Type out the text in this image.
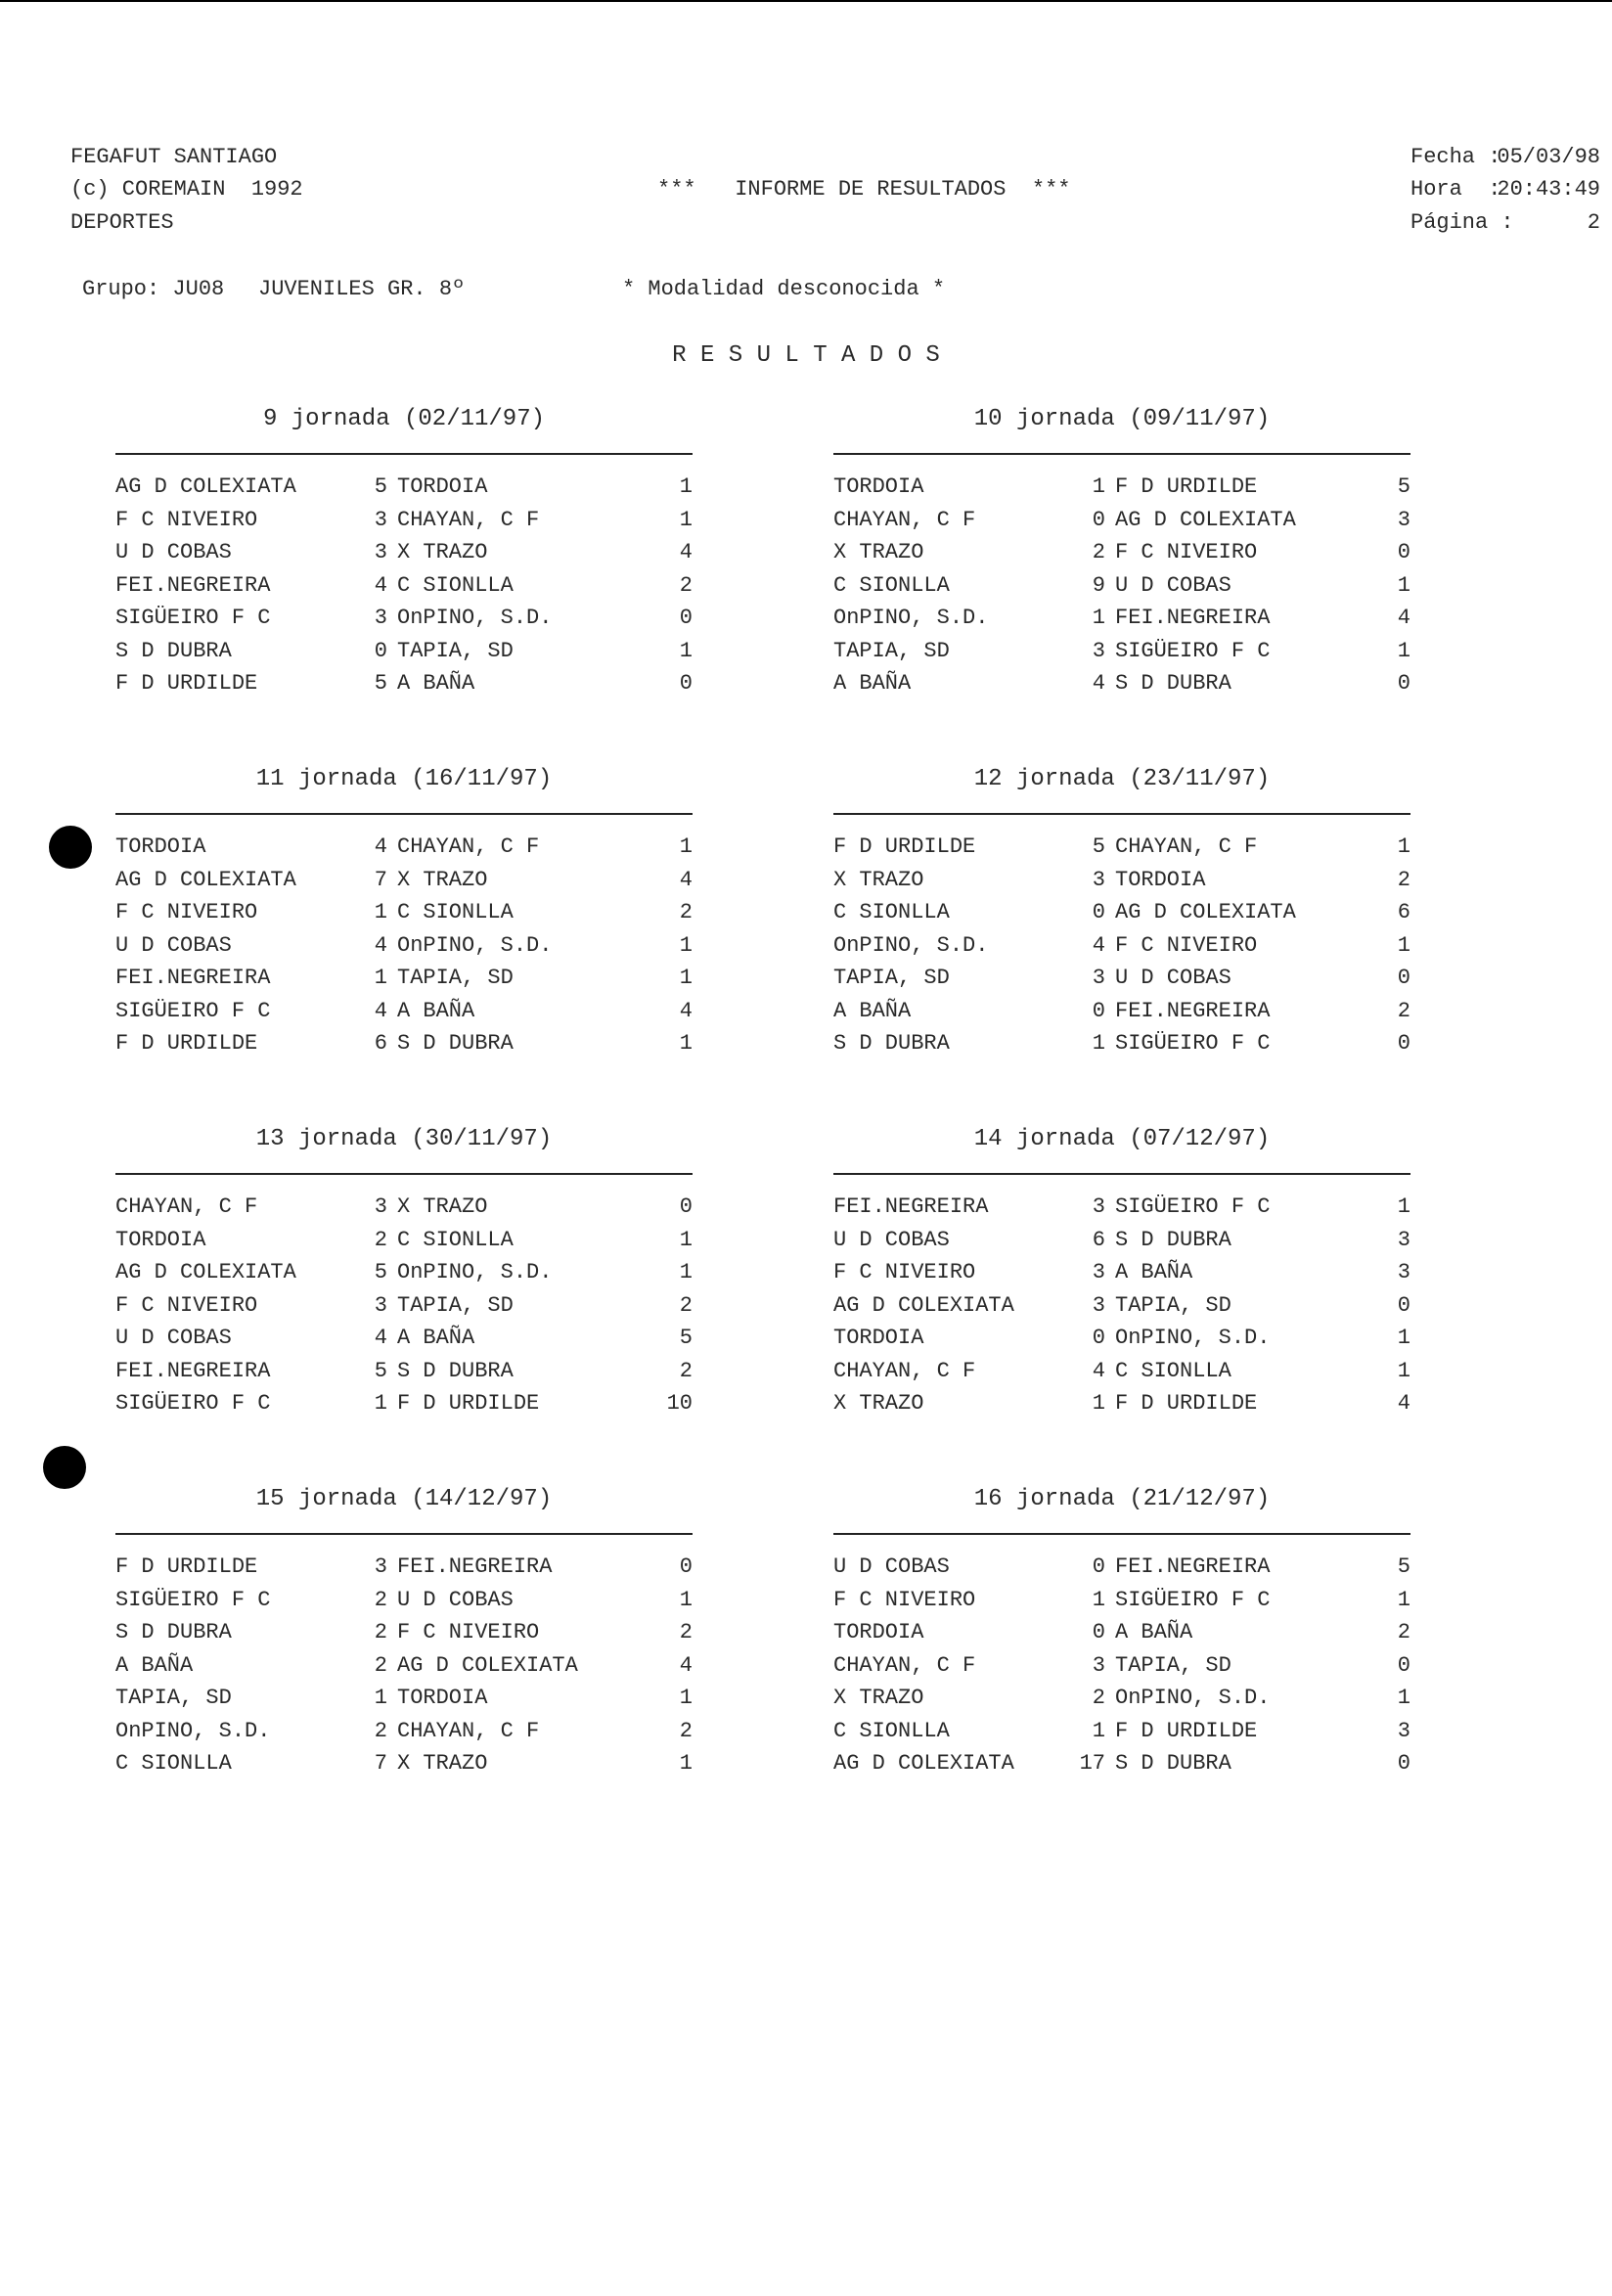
FEGAFUT SANTIAGO
(c) COREMAIN  1992
DEPORTES
***   INFORME DE RESULTADOS  ***
Fecha :
05/03/98
Hora  :
20:43:49
Página :	2
Grupo: JU08 JUVENILES GR. 8º	* Modalidad desconocida *
R E S U L T A D O S
9 jornada (02/11/97)
AG D COLEXIATA	5 TORDOIA	1
F C NIVEIRO	3 CHAYAN, C F	1
U D COBAS	3 X TRAZO	4
FEI.NEGREIRA	4 C SIONLLA	2
SIGÜEIRO F C	3 OnPINO, S.D.	0
S D DUBRA	0 TAPIA, SD	1
F D URDILDE	5 A BAÑA	0
10 jornada (09/11/97)
TORDOIA	1 F D URDILDE	5
CHAYAN, C F	0 AG D COLEXIATA	3
X TRAZO	2 F C NIVEIRO	0
C SIONLLA	9 U D COBAS	1
OnPINO, S.D.	1 FEI.NEGREIRA	4
TAPIA, SD	3 SIGÜEIRO F C	1
A BAÑA	4 S D DUBRA	0
11 jornada (16/11/97)
TORDOIA	4 CHAYAN, C F	1
AG D COLEXIATA	7 X TRAZO	4
F C NIVEIRO	1 C SIONLLA	2
U D COBAS	4 OnPINO, S.D.	1
FEI.NEGREIRA	1 TAPIA, SD	1
SIGÜEIRO F C	4 A BAÑA	4
F D URDILDE	6 S D DUBRA	1
12 jornada (23/11/97)
F D URDILDE	5 CHAYAN, C F	1
X TRAZO	3 TORDOIA	2
C SIONLLA	0 AG D COLEXIATA	6
OnPINO, S.D.	4 F C NIVEIRO	1
TAPIA, SD	3 U D COBAS	0
A BAÑA	0 FEI.NEGREIRA	2
S D DUBRA	1 SIGÜEIRO F C	0
13 jornada (30/11/97)
CHAYAN, C F	3 X TRAZO	0
TORDOIA	2 C SIONLLA	1
AG D COLEXIATA	5 OnPINO, S.D.	1
F C NIVEIRO	3 TAPIA, SD	2
U D COBAS	4 A BAÑA	5
FEI.NEGREIRA	5 S D DUBRA	2
SIGÜEIRO F C	1 F D URDILDE	10
14 jornada (07/12/97)
FEI.NEGREIRA	3 SIGÜEIRO F C	1
U D COBAS	6 S D DUBRA	3
F C NIVEIRO	3 A BAÑA	3
AG D COLEXIATA	3 TAPIA, SD	0
TORDOIA	0 OnPINO, S.D.	1
CHAYAN, C F	4 C SIONLLA	1
X TRAZO	1 F D URDILDE	4
15 jornada (14/12/97)
F D URDILDE	3 FEI.NEGREIRA	0
SIGÜEIRO F C	2 U D COBAS	1
S D DUBRA	2 F C NIVEIRO	2
A BAÑA	2 AG D COLEXIATA	4
TAPIA, SD	1 TORDOIA	1
OnPINO, S.D.	2 CHAYAN, C F	2
C SIONLLA	7 X TRAZO	1
16 jornada (21/12/97)
U D COBAS	0 FEI.NEGREIRA	5
F C NIVEIRO	1 SIGÜEIRO F C	1
TORDOIA	0 A BAÑA	2
CHAYAN, C F	3 TAPIA, SD	0
X TRAZO	2 OnPINO, S.D.	1
C SIONLLA	1 F D URDILDE	3
AG D COLEXIATA	17 S D DUBRA	0
